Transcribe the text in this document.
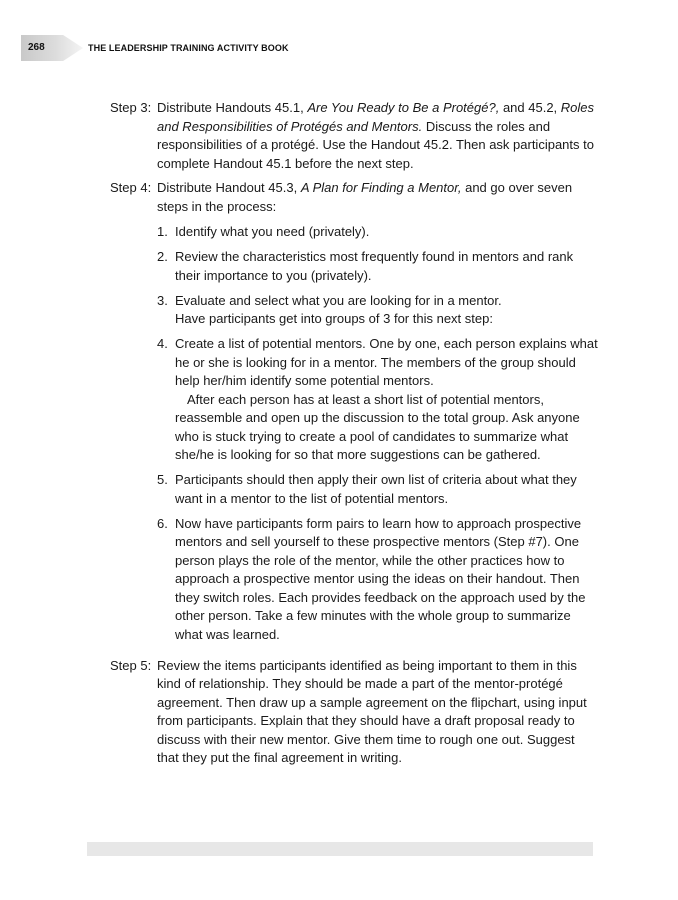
268	THE LEADERSHIP TRAINING ACTIVITY BOOK
Step 3: Distribute Handouts 45.1, Are You Ready to Be a Protégé?, and 45.2, Roles and Responsibilities of Protégés and Mentors. Discuss the roles and responsibilities of a protégé. Use the Handout 45.2. Then ask participants to complete Handout 45.1 before the next step.
Step 4: Distribute Handout 45.3, A Plan for Finding a Mentor, and go over seven steps in the process:
1. Identify what you need (privately).
2. Review the characteristics most frequently found in mentors and rank their importance to you (privately).
3. Evaluate and select what you are looking for in a mentor.
Have participants get into groups of 3 for this next step:
4. Create a list of potential mentors. One by one, each person explains what he or she is looking for in a mentor. The members of the group should help her/him identify some potential mentors.
After each person has at least a short list of potential mentors, reassemble and open up the discussion to the total group. Ask anyone who is stuck trying to create a pool of candidates to summarize what she/he is looking for so that more suggestions can be gathered.
5. Participants should then apply their own list of criteria about what they want in a mentor to the list of potential mentors.
6. Now have participants form pairs to learn how to approach prospective mentors and sell yourself to these prospective mentors (Step #7). One person plays the role of the mentor, while the other practices how to approach a prospective mentor using the ideas on their handout. Then they switch roles. Each provides feedback on the approach used by the other person. Take a few minutes with the whole group to summarize what was learned.
Step 5: Review the items participants identified as being important to them in this kind of relationship. They should be made a part of the mentor-protégé agreement. Then draw up a sample agreement on the flipchart, using input from participants. Explain that they should have a draft proposal ready to discuss with their new mentor. Give them time to rough one out. Suggest that they put the final agreement in writing.
